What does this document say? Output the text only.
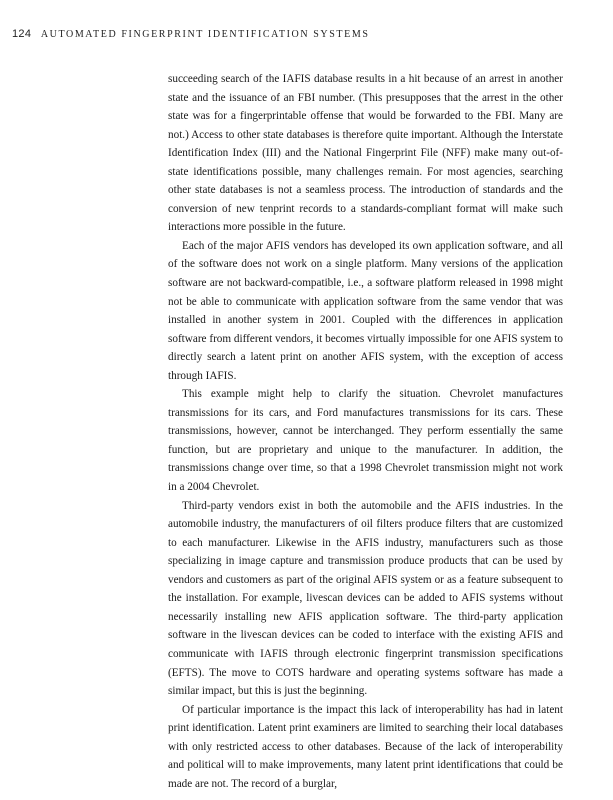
124 AUTOMATED FINGERPRINT IDENTIFICATION SYSTEMS

succeeding search of the IAFIS database results in a hit because of an arrest in another state and the issuance of an FBI number. (This presupposes that the arrest in the other state was for a fingerprintable offense that would be forwarded to the FBI. Many are not.) Access to other state databases is therefore quite important. Although the Interstate Identification Index (III) and the National Fingerprint File (NFF) make many out-of-state identifications possible, many challenges remain. For most agencies, searching other state databases is not a seamless process. The introduction of standards and the conversion of new tenprint records to a standards-compliant format will make such interactions more possible in the future.

Each of the major AFIS vendors has developed its own application software, and all of the software does not work on a single platform. Many versions of the application software are not backward-compatible, i.e., a software platform released in 1998 might not be able to communicate with application software from the same vendor that was installed in another system in 2001. Coupled with the differences in application software from different vendors, it becomes virtually impossible for one AFIS system to directly search a latent print on another AFIS system, with the exception of access through IAFIS.

This example might help to clarify the situation. Chevrolet manufactures transmissions for its cars, and Ford manufactures transmissions for its cars. These transmissions, however, cannot be interchanged. They perform essentially the same function, but are proprietary and unique to the manufacturer. In addition, the transmissions change over time, so that a 1998 Chevrolet transmission might not work in a 2004 Chevrolet.

Third-party vendors exist in both the automobile and the AFIS industries. In the automobile industry, the manufacturers of oil filters produce filters that are customized to each manufacturer. Likewise in the AFIS industry, manufacturers such as those specializing in image capture and transmission produce products that can be used by vendors and customers as part of the original AFIS system or as a feature subsequent to the installation. For example, livescan devices can be added to AFIS systems without necessarily installing new AFIS application software. The third-party application software in the livescan devices can be coded to interface with the existing AFIS and communicate with IAFIS through electronic fingerprint transmission specifications (EFTS). The move to COTS hardware and operating systems software has made a similar impact, but this is just the beginning.

Of particular importance is the impact this lack of interoperability has had in latent print identification. Latent print examiners are limited to searching their local databases with only restricted access to other databases. Because of the lack of interoperability and political will to make improvements, many latent print identifications that could be made are not. The record of a burglar,
